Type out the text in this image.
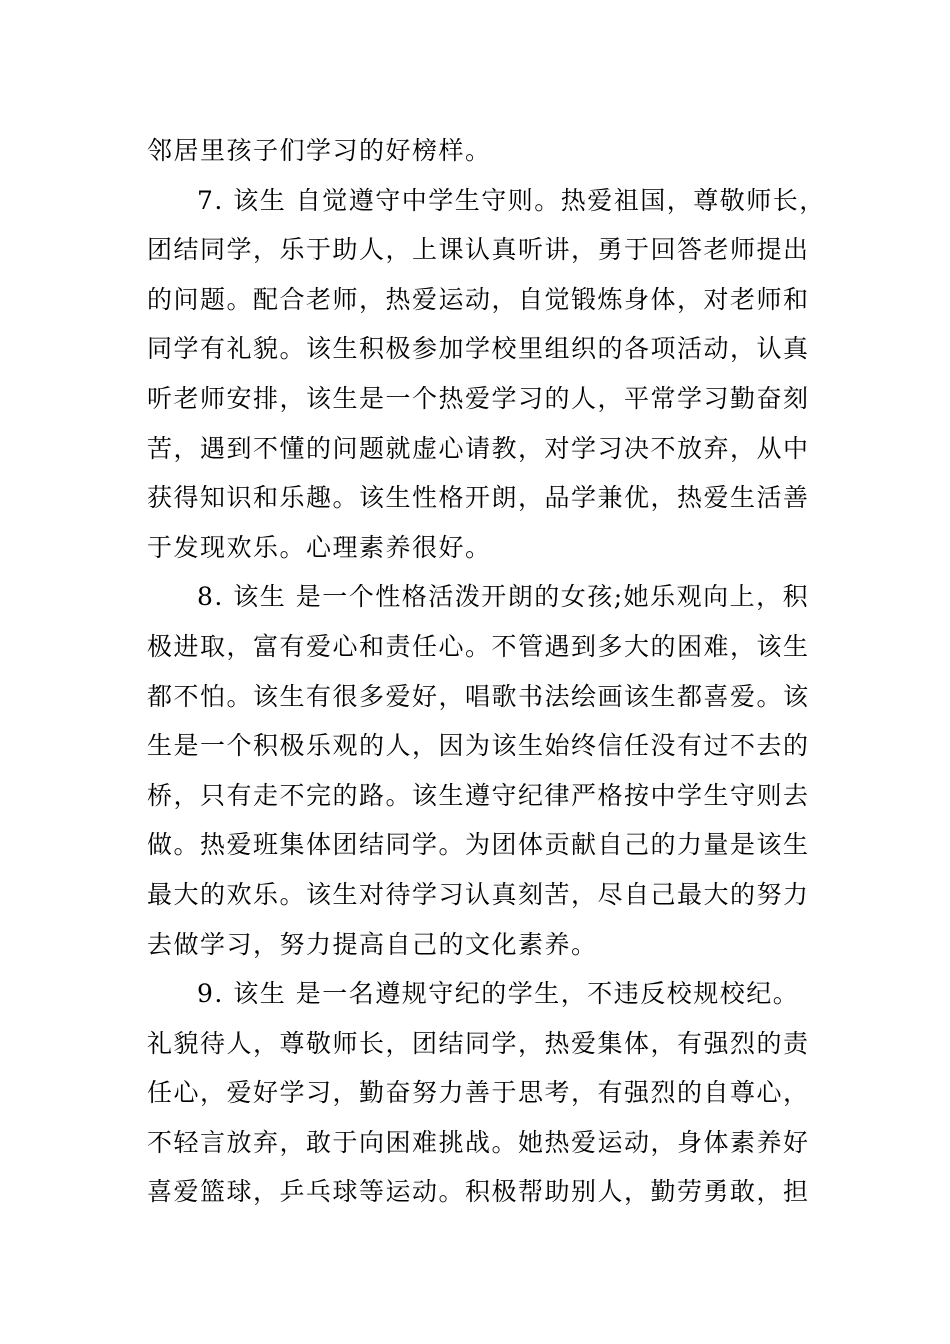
邻居里孩子们学习的好榜样。
7. 该生 自觉遵守中学生守则。热爱祖国，尊敬师长，
团结同学，乐于助人，上课认真听讲，勇于回答老师提出
的问题。配合老师，热爱运动，自觉锻炼身体，对老师和
同学有礼貌。该生积极参加学校里组织的各项活动，认真
听老师安排，该生是一个热爱学习的人，平常学习勤奋刻
苦，遇到不懂的问题就虚心请教，对学习决不放弃，从中
获得知识和乐趣。该生性格开朗，品学兼优，热爱生活善
于发现欢乐。心理素养很好。
8. 该生 是一个性格活泼开朗的女孩;她乐观向上，积
极进取，富有爱心和责任心。不管遇到多大的困难，该生
都不怕。该生有很多爱好，唱歌书法绘画该生都喜爱。该
生是一个积极乐观的人，因为该生始终信任没有过不去的
桥，只有走不完的路。该生遵守纪律严格按中学生守则去
做。热爱班集体团结同学。为团体贡献自己的力量是该生
最大的欢乐。该生对待学习认真刻苦，尽自己最大的努力
去做学习，努力提高自己的文化素养。
9. 该生 是一名遵规守纪的学生，不违反校规校纪。
礼貌待人，尊敬师长，团结同学，热爱集体，有强烈的责
任心，爱好学习，勤奋努力善于思考，有强烈的自尊心，
不轻言放弃，敢于向困难挑战。她热爱运动，身体素养好
喜爱篮球，乒乓球等运动。积极帮助别人，勤劳勇敢，担
